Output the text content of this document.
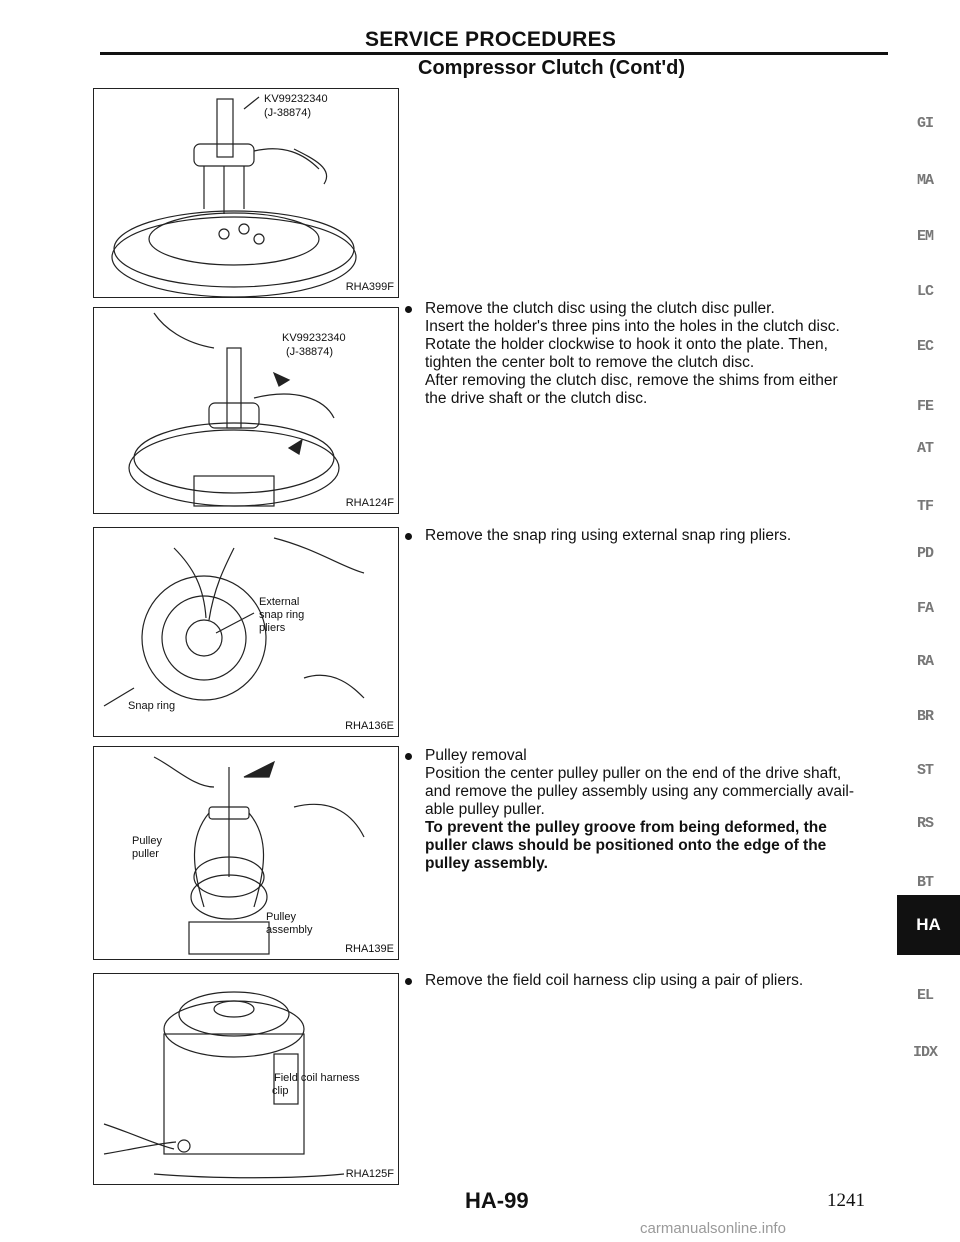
SERVICE PROCEDURES
Compressor Clutch (Cont'd)
KV99232340
(J-38874)
RHA399F
KV99232340
(J-38874)
RHA124F
External
snap ring
pliers
Snap ring
RHA136E
Pulley
puller
Pulley
assembly
RHA139E
Field coil harness
clip
RHA125F

Remove the clutch disc using the clutch disc puller.

Insert the holder's three pins into the holes in the clutch disc.

Rotate the holder clockwise to hook it onto the plate. Then,

tighten the center bolt to remove the clutch disc.

After removing the clutch disc, remove the shims from either

the drive shaft or the clutch disc.

Remove the snap ring using external snap ring pliers.

Pulley removal

Position the center pulley puller on the end of the drive shaft,

and remove the pulley assembly using any commercially avail-

able pulley puller.

To prevent the pulley groove from being deformed, the

puller claws should be positioned onto the edge of the

pulley assembly.

Remove the field coil harness clip using a pair of pliers.

GI
MA
EM
LC
EC
FE
AT
TF
PD
FA
RA
BR
ST
RS
BT
EL
IDX
HA
HA-99	1241
carmanualsonline.info
